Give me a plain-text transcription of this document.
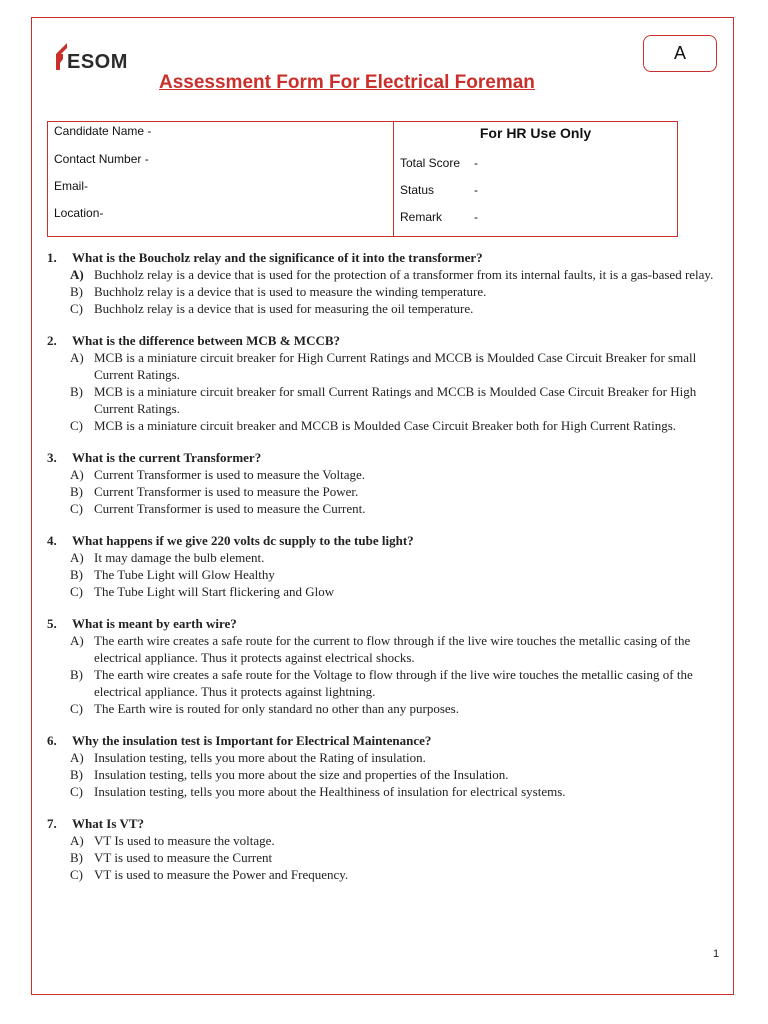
ESOM	A
Assessment Form For Electrical Foreman
Candidate Name -
Contact Number -
Email-
Location-
For HR Use Only
Total Score -
Status	-
Remark	-
1.	What is the Boucholz relay and the significance of it into the transformer?
A) Buchholz relay is a device that is used for the protection of a transformer from its internal faults, it is a gas-based relay.
B) Buchholz relay is a device that is used to measure the winding temperature.
C) Buchholz relay is a device that is used for measuring the oil temperature.
2.	What is the difference between MCB & MCCB?
A) MCB is a miniature circuit breaker for High Current Ratings and MCCB is Moulded Case Circuit Breaker for small Current Ratings.
B) MCB is a miniature circuit breaker for small Current Ratings and MCCB is Moulded Case Circuit Breaker for High Current Ratings.
C) MCB is a miniature circuit breaker and MCCB is Moulded Case Circuit Breaker both for High Current Ratings.
3.	What is the current Transformer?
A) Current Transformer is used to measure the Voltage.
B) Current Transformer is used to measure the Power.
C) Current Transformer is used to measure the Current.
4.	What happens if we give 220 volts dc supply to the tube light?
A) It may damage the bulb element.
B) The Tube Light will Glow Healthy
C) The Tube Light will Start flickering and Glow
5.	What is meant by earth wire?
A) The earth wire creates a safe route for the current to flow through if the live wire touches the metallic casing of the electrical appliance. Thus it protects against electrical shocks.
B) The earth wire creates a safe route for the Voltage to flow through if the live wire touches the metallic casing of the electrical appliance. Thus it protects against lightning.
C) The Earth wire is routed for only standard no other than any purposes.
6.	Why the insulation test is Important for Electrical Maintenance?
A) Insulation testing, tells you more about the Rating of insulation.
B) Insulation testing, tells you more about the size and properties of the Insulation.
C) Insulation testing, tells you more about the Healthiness of insulation for electrical systems.
7.	What Is VT?
A) VT Is used to measure the voltage.
B) VT is used to measure the Current
C) VT is used to measure the Power and Frequency.
1
